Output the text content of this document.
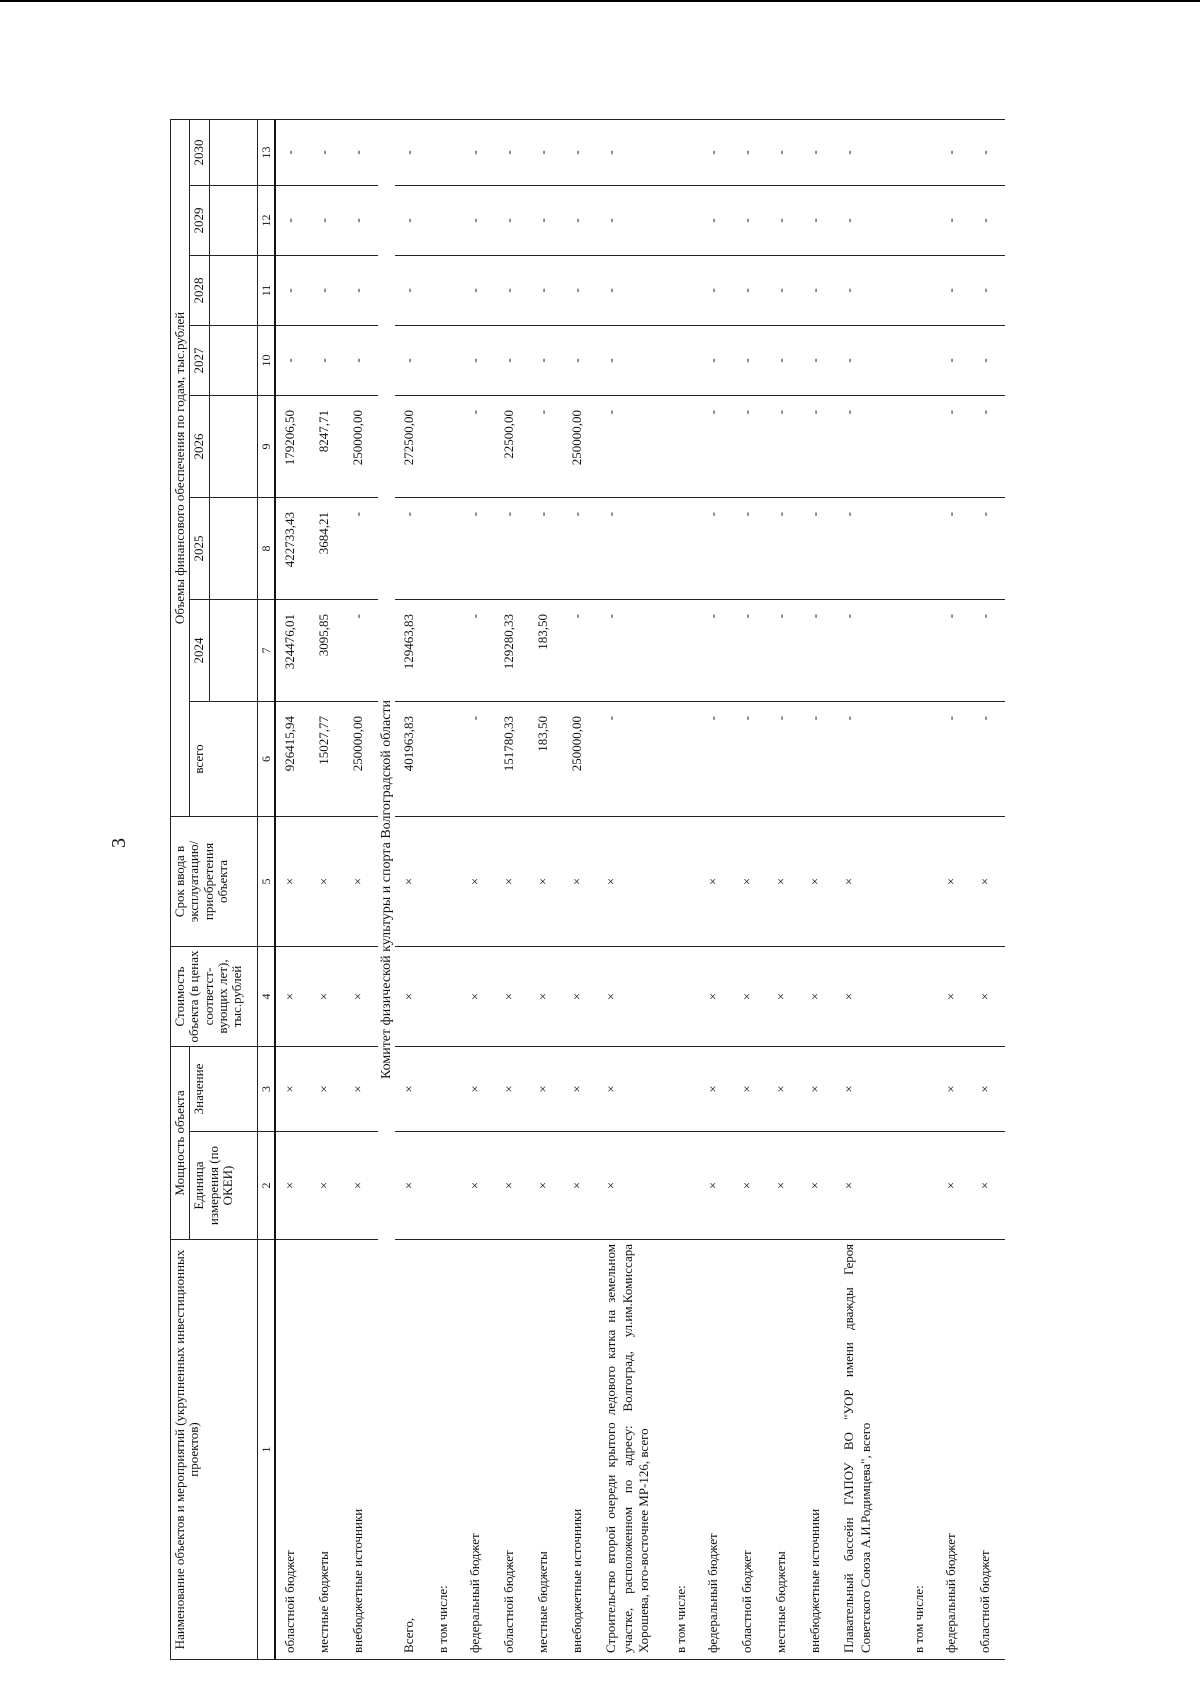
3
Наименование объектов и мероприятий (укрупненных инвестиционных проектов)	Мощность объекта		Стоимость объекта (в ценах соответст-вующих лет), тыс.рублей	Срок ввода в эксплуатацию/ приобретения объекта	Объемы финансового обеспечения по годам, тыс.рублей							
	Единица измерения (по ОКЕИ)	Значение			всего	2024	2025	2026	2027	2028	2029	2030

1	2	3	4	5	6	7	8	9	10	11	12	13
областной бюджет	×	×	×	×	926415,94	324476,01	422733,43	179206,50	-	-	-	-
местные бюджеты	×	×	×	×	15027,77	3095,85	3684,21	8247,71	-	-	-	-
внебюджетные источники	×	×	×	×	250000,00	-	-	250000,00	-	-	-	-
Комитет физической культуры и спорта Волгоградской области												
Всего,	×	×	×	×	401963,83	129463,83	-	272500,00	-	-	-	-
в том числе:												
федеральный бюджет	×	×	×	×	-	-	-	-	-	-	-	-
областной бюджет	×	×	×	×	151780,33	129280,33	-	22500,00	-	-	-	-
местные бюджеты	×	×	×	×	183,50	183,50	-	-	-	-	-	-
внебюджетные источники	×	×	×	×	250000,00	-	-	250000,00	-	-	-	-
Строительство второй очереди крытого ледового катка на земельном участке, расположенном по адресу: Волгоград, ул.им.Комиссара Хорошева, юго-восточнее МР-126, всего	×	×	×	×	-	-	-	-	-	-	-	-
в том числе:												
федеральный бюджет	×	×	×	×	-	-	-	-	-	-	-	-
областной бюджет	×	×	×	×	-	-	-	-	-	-	-	-
местные бюджеты	×	×	×	×	-	-	-	-	-	-	-	-
внебюджетные источники	×	×	×	×	-	-	-	-	-	-	-	-
Плавательный бассейн ГАПОУ ВО "УОР имени дважды Героя Советского Союза А.И.Родимцева", всего	×	×	×	×	-	-	-	-	-	-	-	-
в том числе:												
федеральный бюджет	×	×	×	×	-	-	-	-	-	-	-	-
областной бюджет	×	×	×	×	-	-	-	-	-	-	-	-
